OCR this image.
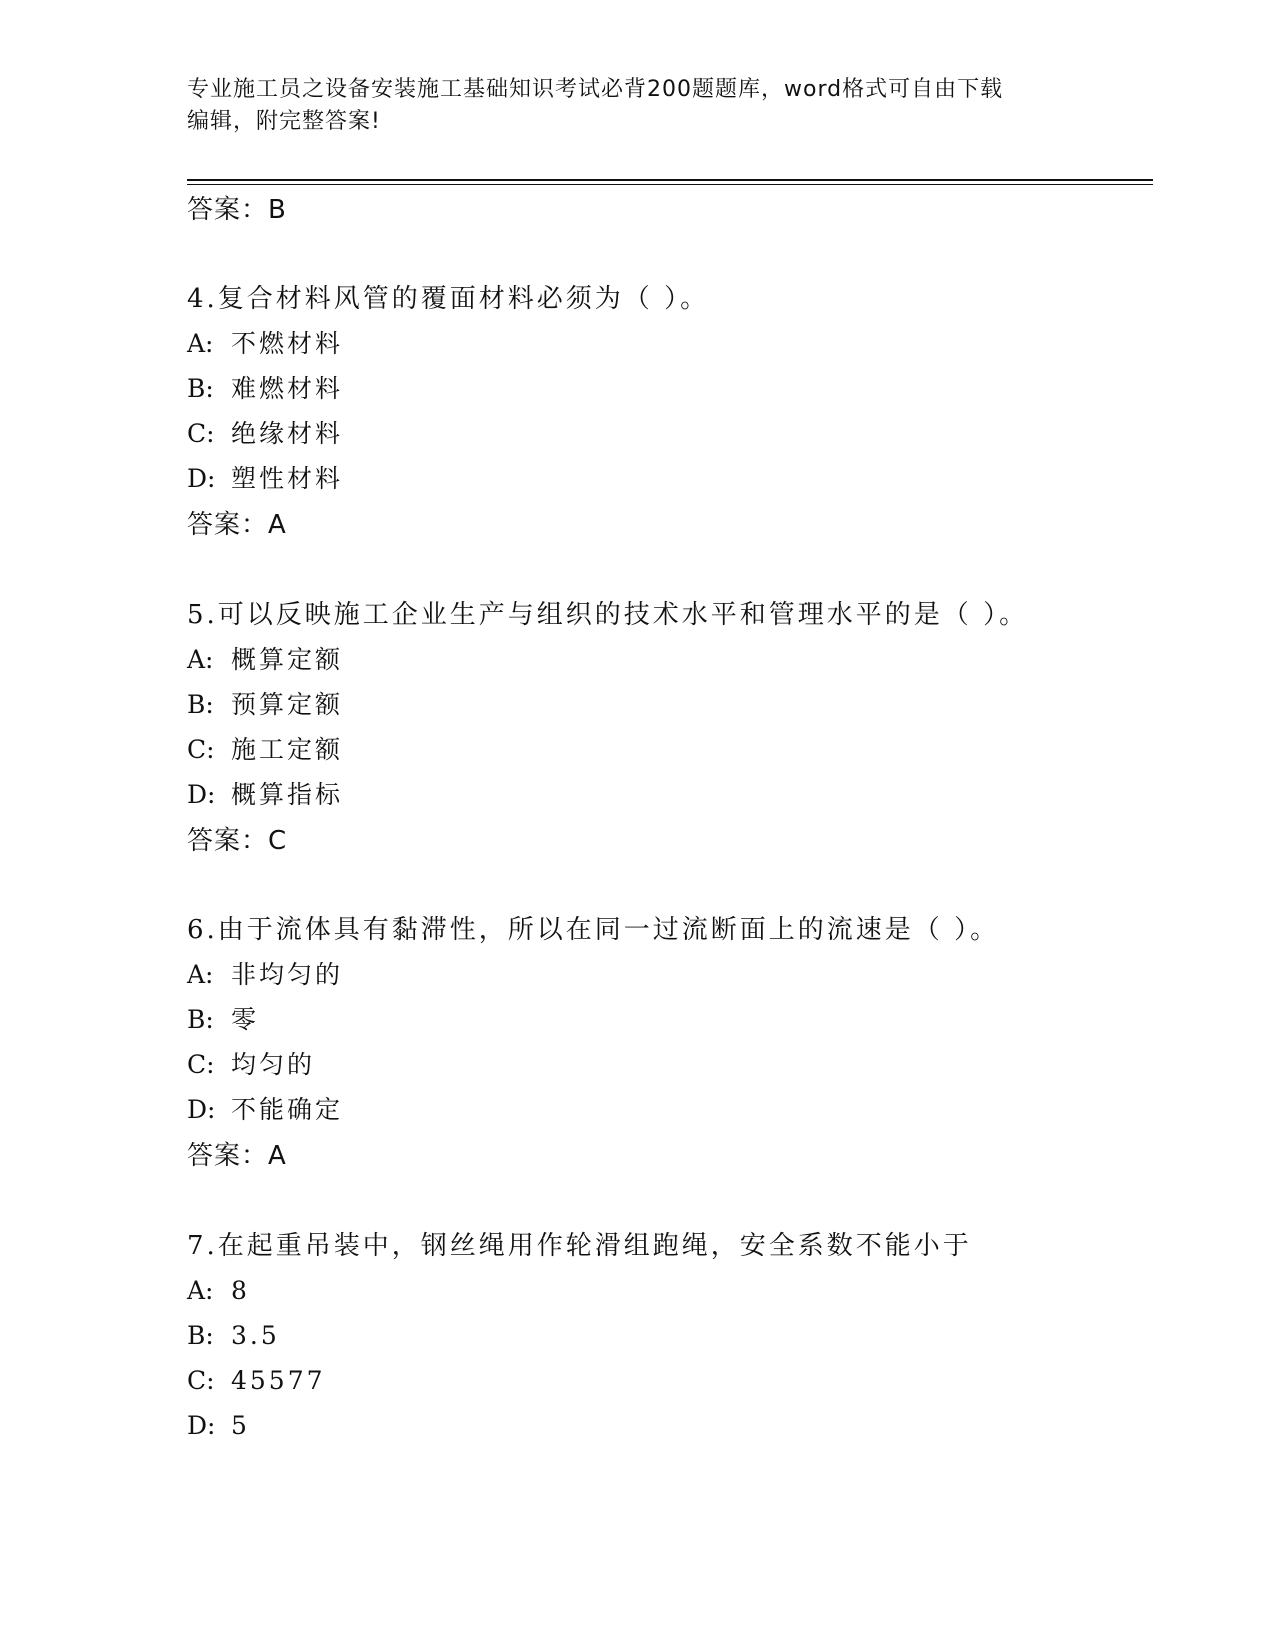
专业施工员之设备安装施工基础知识考试必背200题题库，word格式可自由下载
编辑，附完整答案!
答案：B
4.复合材料风管的覆面材料必须为（ ）。
A: 不燃材料
B: 难燃材料
C: 绝缘材料
D: 塑性材料
答案：A
5.可以反映施工企业生产与组织的技术水平和管理水平的是（ ）。
A: 概算定额
B: 预算定额
C: 施工定额
D: 概算指标
答案：C
6.由于流体具有黏滞性，所以在同一过流断面上的流速是（ ）。
A: 非均匀的
B: 零
C: 均匀的
D: 不能确定
答案：A
7.在起重吊装中，钢丝绳用作轮滑组跑绳，安全系数不能小于
A: 8
B: 3.5
C: 45577
D: 5
